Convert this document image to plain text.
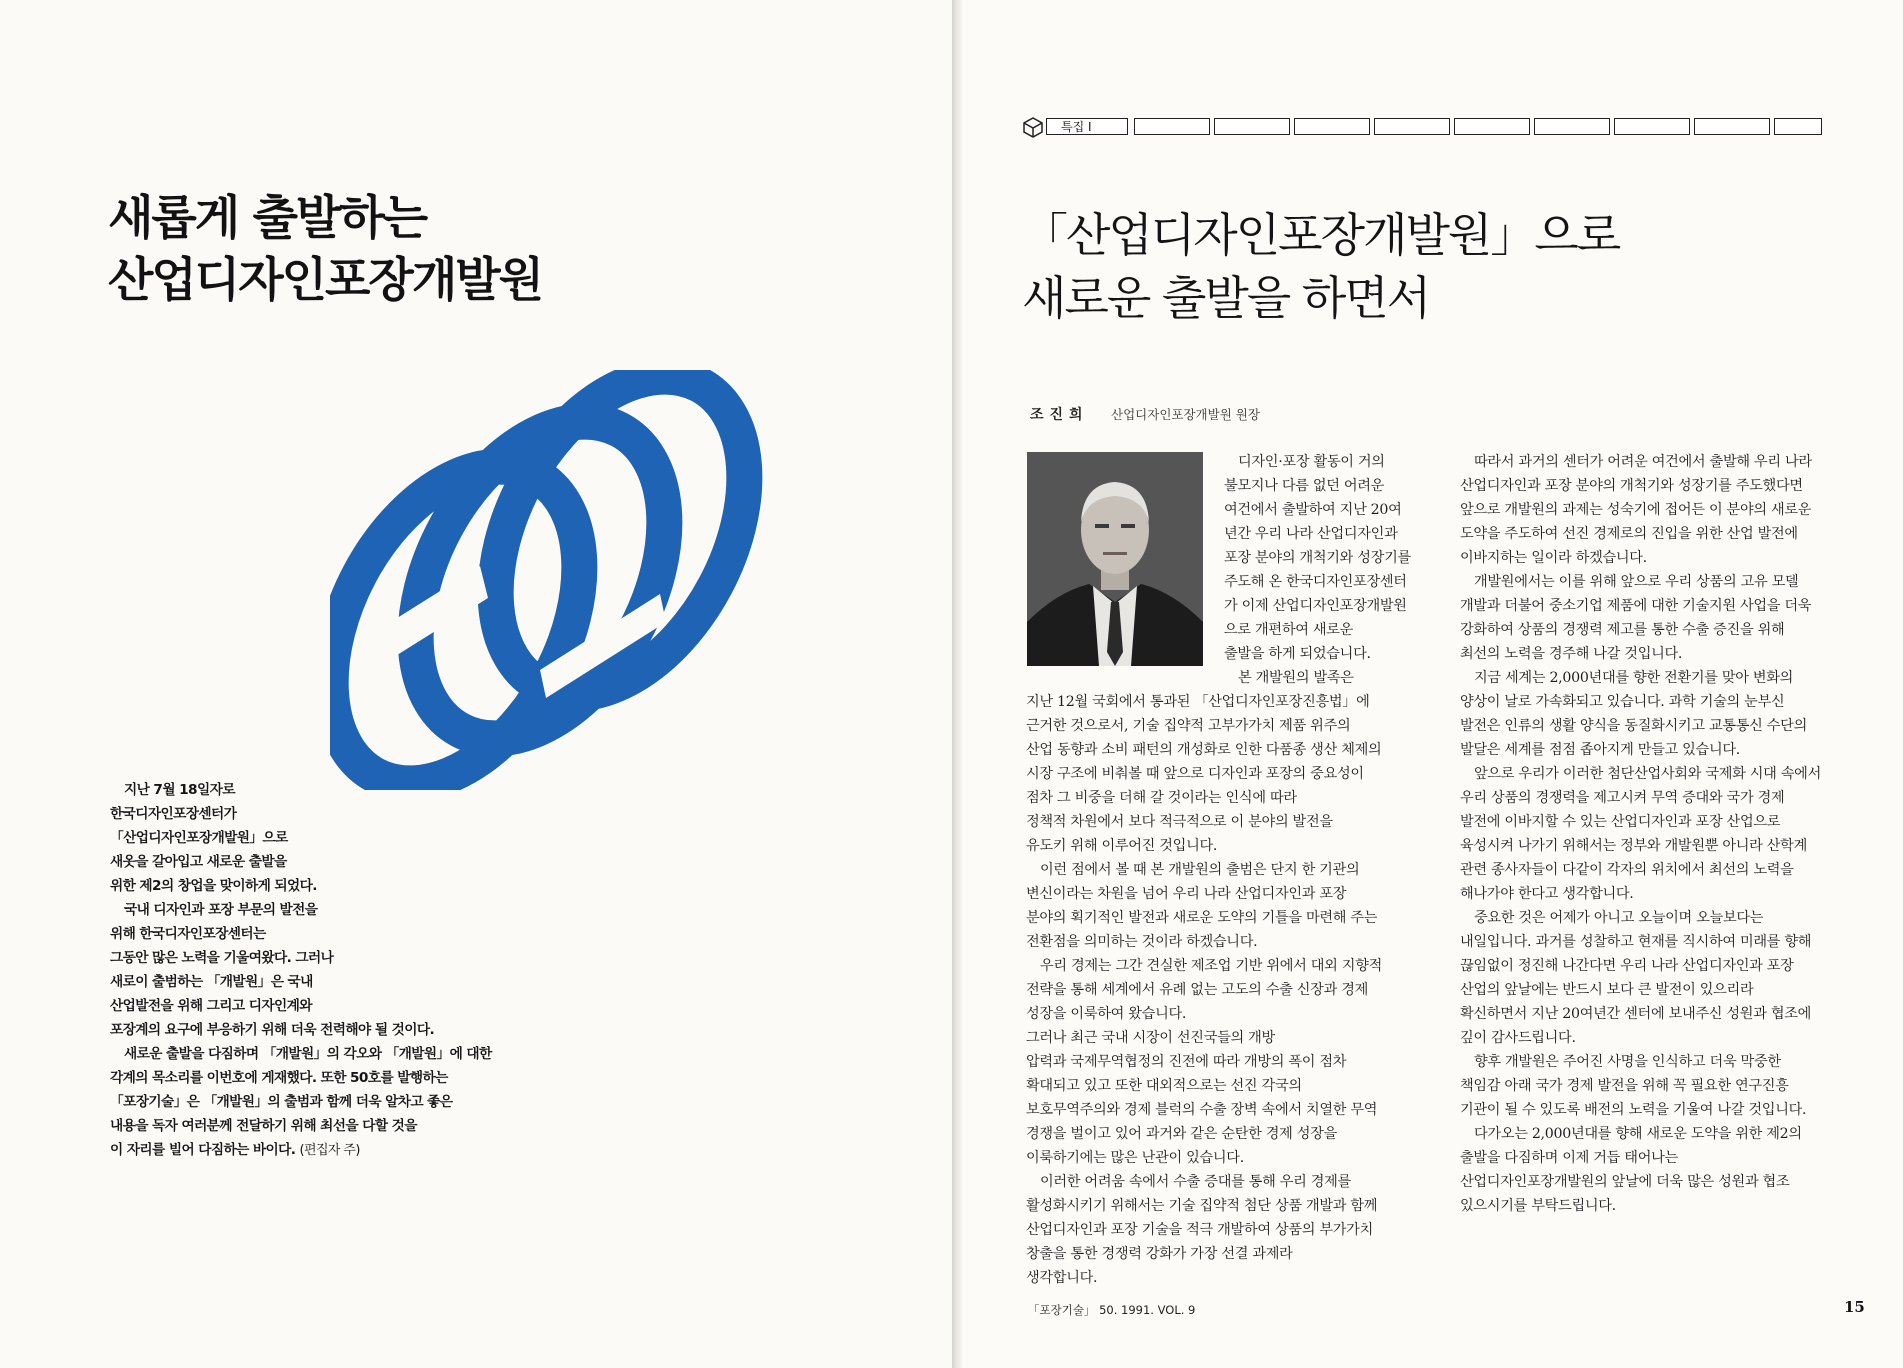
새롭게 출발하는
산업디자인포장개발원

지난 7월 18일자로

한국디자인포장센터가

「산업디자인포장개발원」으로

새옷을 갈아입고 새로운 출발을

위한 제2의 창업을 맞이하게 되었다.

국내 디자인과 포장 부문의 발전을

위해 한국디자인포장센터는

그동안 많은 노력을 기울여왔다. 그러나

새로이 출범하는 「개발원」은 국내

산업발전을 위해 그리고 디자인계와

포장계의 요구에 부응하기 위해 더욱 전력해야 될 것이다.

새로운 출발을 다짐하며 「개발원」의 각오와 「개발원」에 대한

각계의 목소리를 이번호에 게재했다. 또한 50호를 발행하는

「포장기술」은 「개발원」의 출범과 함께 더욱 알차고 좋은

내용을 독자 여러분께 전달하기 위해 최선을 다할 것을

이 자리를 빌어 다짐하는 바이다. (편집자 주)

특집 I
「산업디자인포장개발원」으로
새로운 출발을 하면서
조진희 산업디자인포장개발원 원장

디자인·포장 활동이 거의

불모지나 다름 없던 어려운

여건에서 출발하여 지난 20여

년간 우리 나라 산업디자인과

포장 분야의 개척기와 성장기를

주도해 온 한국디자인포장센터

가 이제 산업디자인포장개발원

으로 개편하여 새로운

출발을 하게 되었습니다.

본 개발원의 발족은

지난 12월 국회에서 통과된 「산업디자인포장진흥법」에

근거한 것으로서, 기술 집약적 고부가가치 제품 위주의

산업 동향과 소비 패턴의 개성화로 인한 다품종 생산 체제의

시장 구조에 비춰볼 때 앞으로 디자인과 포장의 중요성이

점차 그 비중을 더해 갈 것이라는 인식에 따라

정책적 차원에서 보다 적극적으로 이 분야의 발전을

유도키 위해 이루어진 것입니다.

이런 점에서 볼 때 본 개발원의 출범은 단지 한 기관의

변신이라는 차원을 넘어 우리 나라 산업디자인과 포장

분야의 획기적인 발전과 새로운 도약의 기틀을 마련해 주는

전환점을 의미하는 것이라 하겠습니다.

우리 경제는 그간 견실한 제조업 기반 위에서 대외 지향적

전략을 통해 세계에서 유례 없는 고도의 수출 신장과 경제

성장을 이룩하여 왔습니다.

그러나 최근 국내 시장이 선진국들의 개방

압력과 국제무역협정의 진전에 따라 개방의 폭이 점차

확대되고 있고 또한 대외적으로는 선진 각국의

보호무역주의와 경제 블럭의 수출 장벽 속에서 치열한 무역

경쟁을 벌이고 있어 과거와 같은 순탄한 경제 성장을

이룩하기에는 많은 난관이 있습니다.

이러한 어려움 속에서 수출 증대를 통해 우리 경제를

활성화시키기 위해서는 기술 집약적 첨단 상품 개발과 함께

산업디자인과 포장 기술을 적극 개발하여 상품의 부가가치

창출을 통한 경쟁력 강화가 가장 선결 과제라

생각합니다.

따라서 과거의 센터가 어려운 여건에서 출발해 우리 나라

산업디자인과 포장 분야의 개척기와 성장기를 주도했다면

앞으로 개발원의 과제는 성숙기에 접어든 이 분야의 새로운

도약을 주도하여 선진 경제로의 진입을 위한 산업 발전에

이바지하는 일이라 하겠습니다.

개발원에서는 이를 위해 앞으로 우리 상품의 고유 모델

개발과 더불어 중소기업 제품에 대한 기술지원 사업을 더욱

강화하여 상품의 경쟁력 제고를 통한 수출 증진을 위해

최선의 노력을 경주해 나갈 것입니다.

지금 세계는 2,000년대를 향한 전환기를 맞아 변화의

양상이 날로 가속화되고 있습니다. 과학 기술의 눈부신

발전은 인류의 생활 양식을 동질화시키고 교통통신 수단의

발달은 세계를 점점 좁아지게 만들고 있습니다.

앞으로 우리가 이러한 첨단산업사회와 국제화 시대 속에서

우리 상품의 경쟁력을 제고시켜 무역 증대와 국가 경제

발전에 이바지할 수 있는 산업디자인과 포장 산업으로

육성시켜 나가기 위해서는 정부와 개발원뿐 아니라 산학계

관련 종사자들이 다같이 각자의 위치에서 최선의 노력을

해나가야 한다고 생각합니다.

중요한 것은 어제가 아니고 오늘이며 오늘보다는

내일입니다. 과거를 성찰하고 현재를 직시하여 미래를 향해

끊임없이 정진해 나간다면 우리 나라 산업디자인과 포장

산업의 앞날에는 반드시 보다 큰 발전이 있으리라

확신하면서 지난 20여년간 센터에 보내주신 성원과 협조에

깊이 감사드립니다.

향후 개발원은 주어진 사명을 인식하고 더욱 막중한

책임감 아래 국가 경제 발전을 위해 꼭 필요한 연구진흥

기관이 될 수 있도록 배전의 노력을 기울여 나갈 것입니다.

다가오는 2,000년대를 향해 새로운 도약을 위한 제2의

출발을 다짐하며 이제 거듭 태어나는

산업디자인포장개발원의 앞날에 더욱 많은 성원과 협조

있으시기를 부탁드립니다.

「포장기술」 50. 1991. VOL. 9	15
